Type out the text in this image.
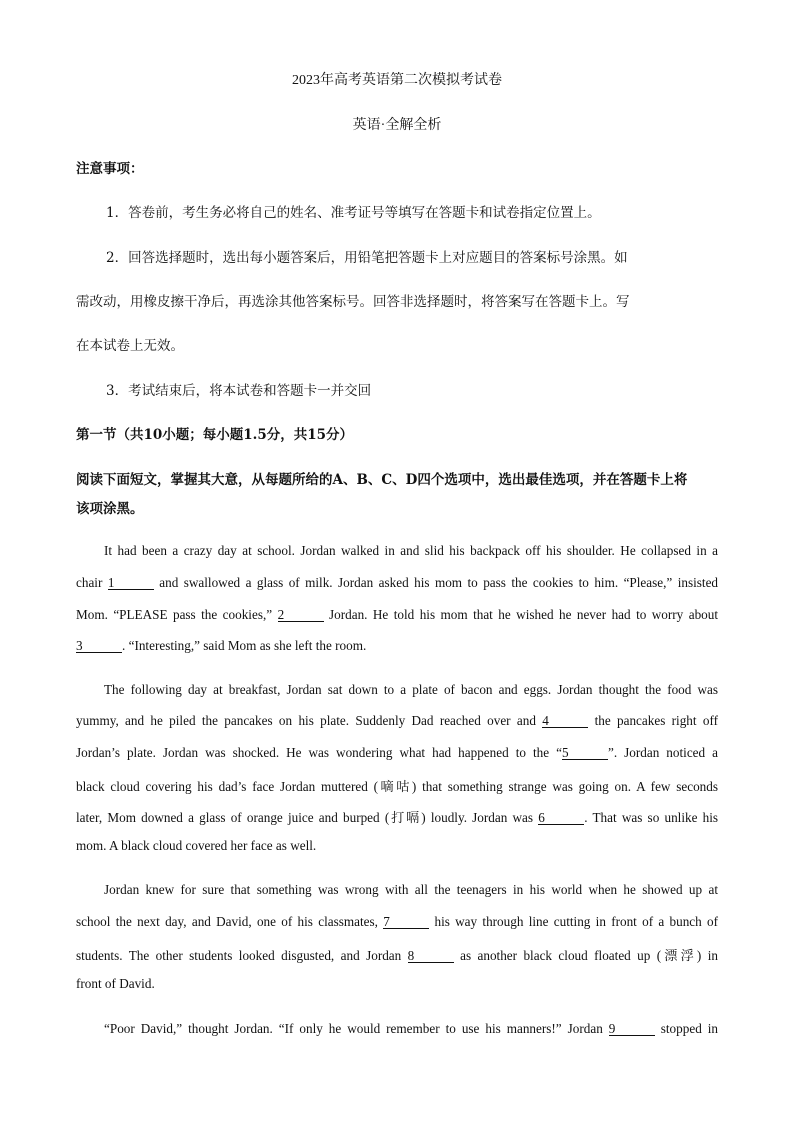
2023年高考英语第二次模拟考试卷
英语·全解全析
注意事项：
1．答卷前，考生务必将自己的姓名、准考证号等填写在答题卡和试卷指定位置上。
2．回答选择题时，选出每小题答案后，用铅笔把答题卡上对应题目的答案标号涂黑。如
需改动，用橡皮擦干净后，再选涂其他答案标号。回答非选择题时，将答案写在答题卡上。写
在本试卷上无效。
3．考试结束后，将本试卷和答题卡一并交回
第一节（共10小题；每小题1.5分，共15分）
阅读下面短文，掌握其大意，从每题所给的A、B、C、D四个选项中，选出最佳选项，并在答题卡上将
该项涂黑。
It had been a crazy day at school. Jordan walked in and slid his backpack off his shoulder. He collapsed in a
chair 1	and swallowed a glass of milk. Jordan asked his mom to pass the cookies to him. “Please,” insisted
Mom. “PLEASE pass the cookies,” 2	Jordan. He told his mom that he wished he never had to worry about
3	. “Interesting,” said Mom as she left the room.
The following day at breakfast, Jordan sat down to a plate of bacon and eggs. Jordan thought the food was
yummy, and he piled the pancakes on his plate. Suddenly Dad reached over and 4	the pancakes right off
Jordan’s plate. Jordan was shocked. He was wondering what had happened to the “5	”. Jordan noticed a
black cloud covering his dad’s face Jordan muttered (嘀咕) that something strange was going on. A few seconds
later, Mom downed a glass of orange juice and burped (打嗝) loudly. Jordan was 6	. That was so unlike his
mom. A black cloud covered her face as well.
Jordan knew for sure that something was wrong with all the teenagers in his world when he showed up at
school the next day, and David, one of his classmates, 7	his way through line cutting in front of a bunch of
students. The other students looked disgusted, and Jordan 8	as another black cloud floated up (漂浮) in
front of David.
“Poor David,” thought Jordan. “If only he would remember to use his manners!” Jordan 9	stopped in
